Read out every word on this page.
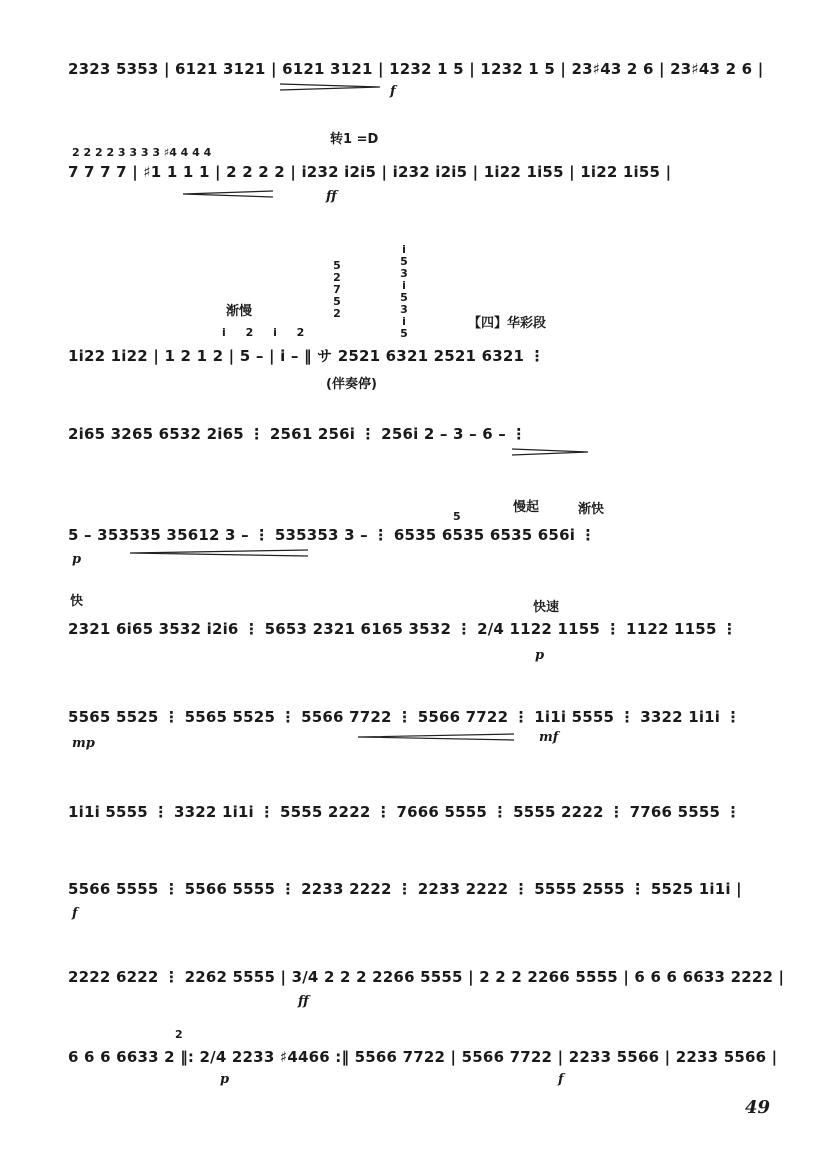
2323 5353 | 6121 3121 | 6121 3121 | 1232 1 5 | 1232 1 5 | 23♯43 2 6 | 23♯43 2 6 |
f
转1 =D
2 2 2 2 3 3 3 3 ♯4 4 4 4
7 7 7 7 | ♯1 1 1 1 | 2 2 2 2 | i232 i2i5 | i232 i2i5 | 1i22 1i55 | 1i22 1i55 |
ff
渐慢
5
2
7
5
2
i
5
3
i
5
3
i
5
【四】华彩段
i 2 i 2
1i22 1i22 | 1 2 1 2 | 5 – | i – ‖ サ 2521 6321 2521 6321 ⋮
(伴奏停)
2i65 3265 6532 2i65 ⋮ 2561 256i ⋮ 256i 2 – 3 – 6 – ⋮
慢起	渐快
5
5 – 353535 35612 3 – ⋮ 535353 3 – ⋮ 6535 6535 6535 656i ⋮
p
快	快速
2321 6i65 3532 i2i6 ⋮ 5653 2321 6165 3532 ⋮ 2/4 1122 1155 ⋮ 1122 1155 ⋮
p
5565 5525 ⋮ 5565 5525 ⋮ 5566 7722 ⋮ 5566 7722 ⋮ 1i1i 5555 ⋮ 3322 1i1i ⋮
mp	mf
1i1i 5555 ⋮ 3322 1i1i ⋮ 5555 2222 ⋮ 7666 5555 ⋮ 5555 2222 ⋮ 7766 5555 ⋮
5566 5555 ⋮ 5566 5555 ⋮ 2233 2222 ⋮ 2233 2222 ⋮ 5555 2555 ⋮ 5525 1i1i |
f
2222 6222 ⋮ 2262 5555 | 3/4 2 2 2 2266 5555 | 2 2 2 2266 5555 | 6 6 6 6633 2222 |
ff
2
6 6 6 6633 2 ‖: 2/4 2233 ♯4466 :‖ 5566 7722 | 5566 7722 | 2233 5566 | 2233 5566 |
p	f
49
